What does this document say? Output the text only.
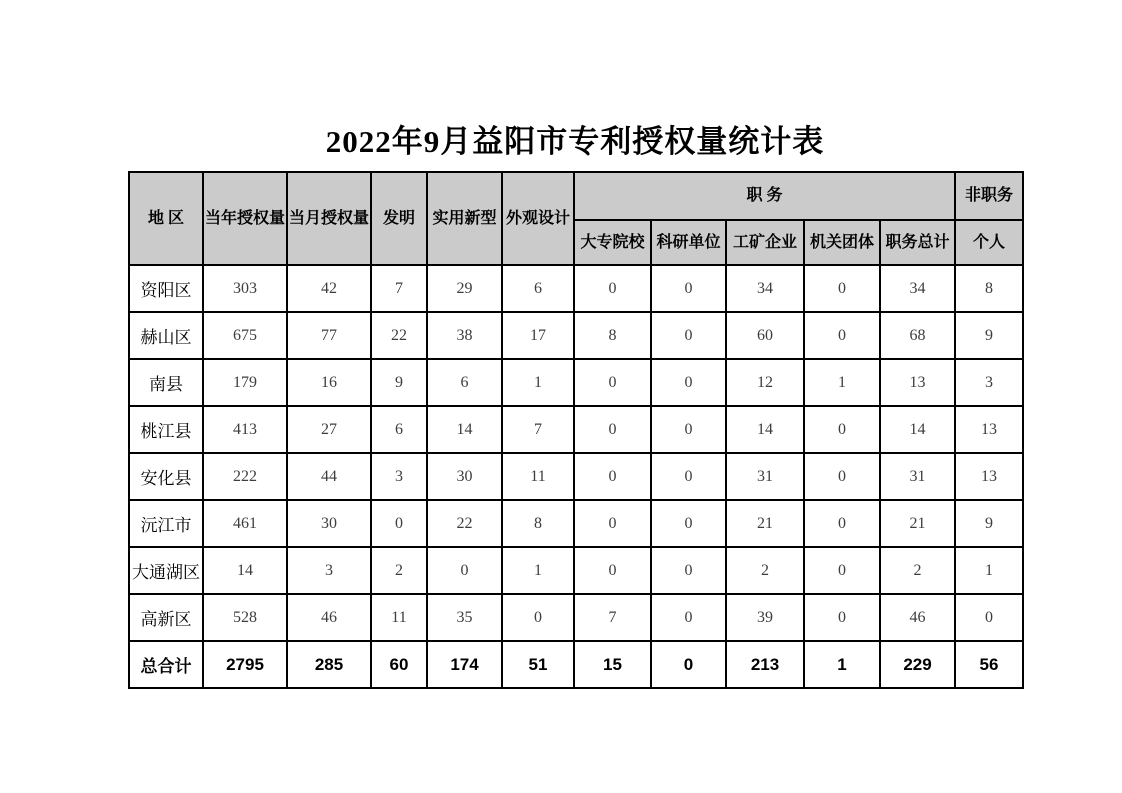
2022年9月益阳市专利授权量统计表
地 区	当年授权量	当月授权量	发明	实用新型	外观设计	职 务					非职务
						大专院校	科研单位	工矿企业	机关团体	职务总计	个人
资阳区	303	42	7	29	6	0	0	34	0	34	8
赫山区	675	77	22	38	17	8	0	60	0	68	9
南县	179	16	9	6	1	0	0	12	1	13	3
桃江县	413	27	6	14	7	0	0	14	0	14	13
安化县	222	44	3	30	11	0	0	31	0	31	13
沅江市	461	30	0	22	8	0	0	21	0	21	9
大通湖区	14	3	2	0	1	0	0	2	0	2	1
高新区	528	46	11	35	0	7	0	39	0	46	0
总合计	2795	285	60	174	51	15	0	213	1	229	56
